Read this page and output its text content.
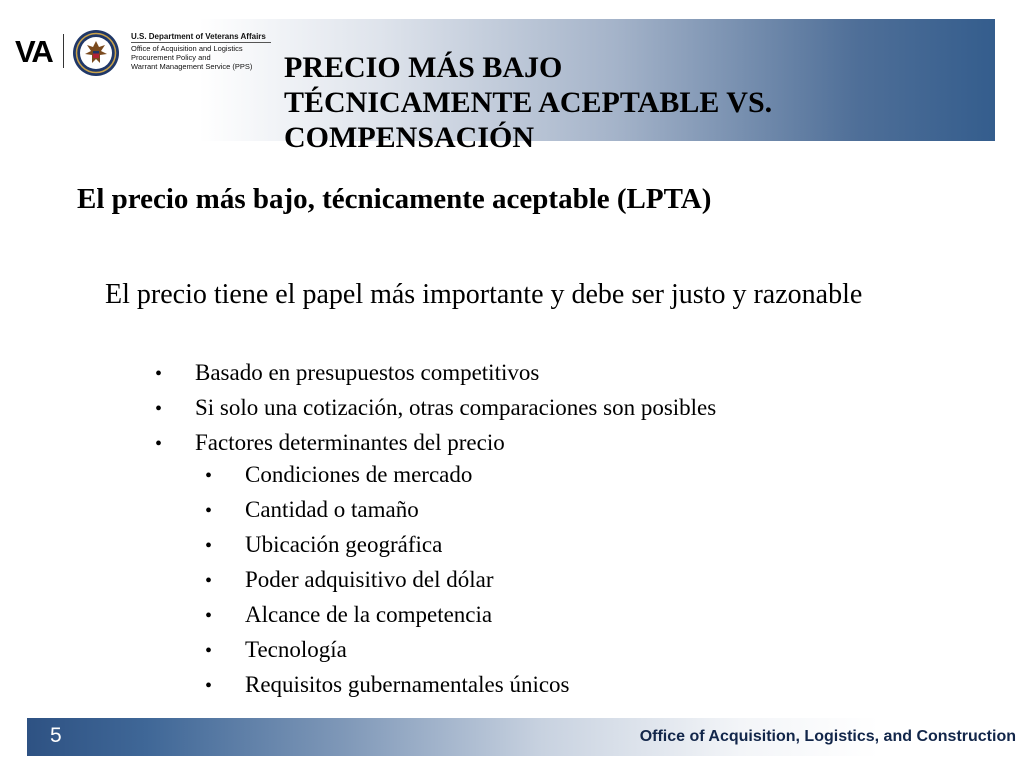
VA	U.S. Department of Veterans Affairs
Office of Acquisition and Logistics
Procurement Policy and
Warrant Management Service (PPS)	PRECIO MÁS BAJO
TÉCNICAMENTE ACEPTABLE VS.
COMPENSACIÓN
El precio más bajo, técnicamente aceptable (LPTA)
El precio tiene el papel más importante y debe ser justo y razonable
• Basado en presupuestos competitivos
• Si solo una cotización, otras comparaciones son posibles
• Factores determinantes del precio
• Condiciones de mercado
• Cantidad o tamaño
• Ubicación geográfica
• Poder adquisitivo del dólar
• Alcance de la competencia
• Tecnología
• Requisitos gubernamentales únicos
5	Office of Acquisition, Logistics, and Construction
